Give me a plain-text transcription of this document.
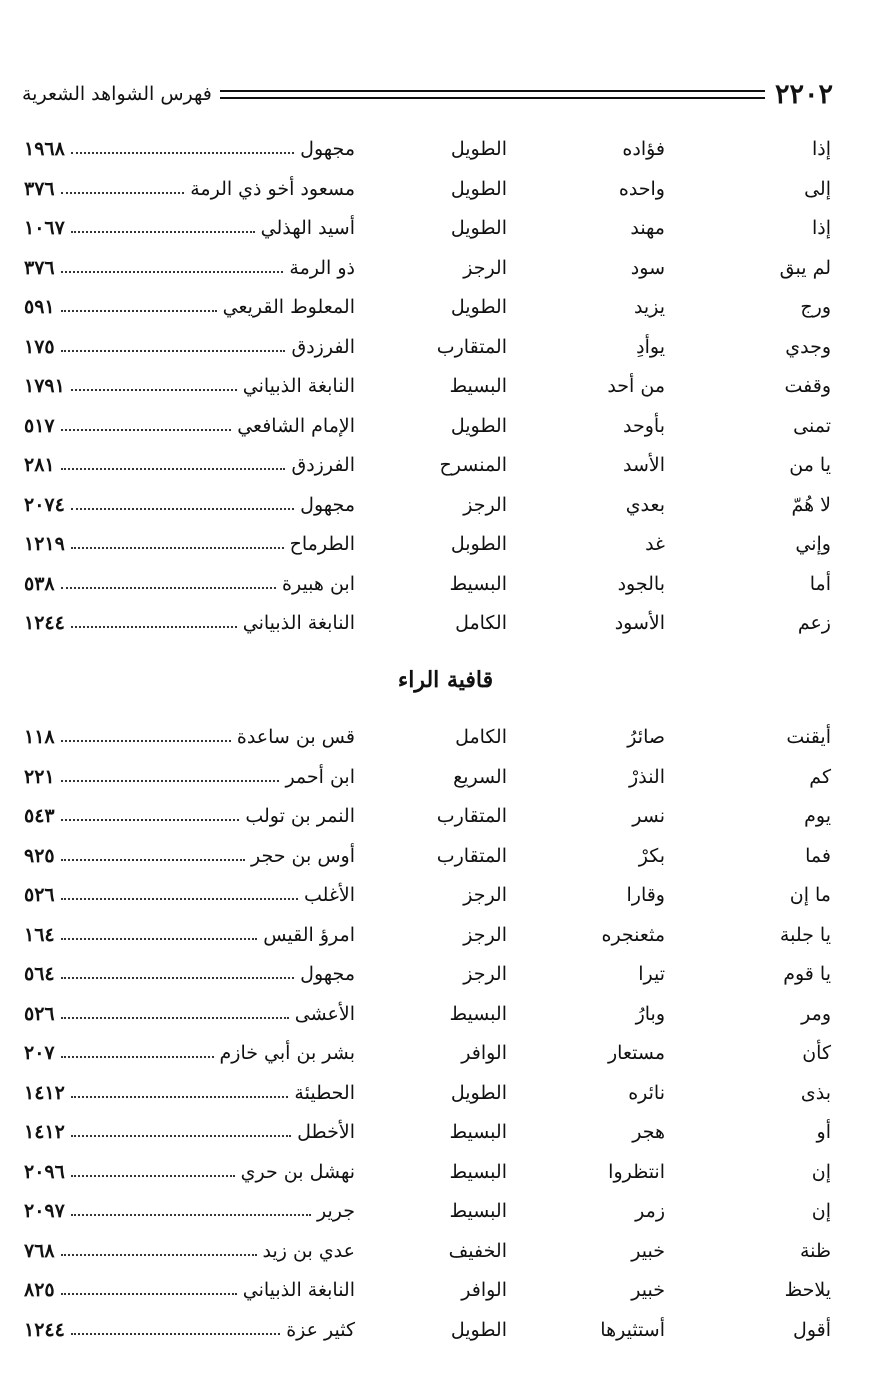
٢٢٠٢
فهرس الشواهد الشعرية
إذا
فؤاده
الطويل
مجهول
١٩٦٨
إلى
واحده
الطويل
مسعود أخو ذي الرمة
٣٧٦
إذا
مهند
الطويل
أسيد الهذلي
١٠٦٧
لم يبق
سود
الرجز
ذو الرمة
٣٧٦
ورج
يزيد
الطويل
المعلوط القريعي
٥٩١
وجدي
يوأدِ
المتقارب
الفرزدق
١٧٥
وقفت
من أحد
البسيط
النابغة الذبياني
١٧٩١
تمنى
بأوحد
الطويل
الإمام الشافعي
٥١٧
يا من
الأسد
المنسرح
الفرزدق
٢٨١
لا هُمّ
بعدي
الرجز
مجهول
٢٠٧٤
وإني
غد
الطوبل
الطرماح
١٢١٩
أما
بالجود
البسيط
ابن هبيرة
٥٣٨
زعم
الأسود
الكامل
النابغة الذبياني
١٢٤٤
قافية الراء
أيقنت
صائرُ
الكامل
قس بن ساعدة
١١٨
كم
النذرْ
السريع
ابن أحمر
٢٢١
يوم
نسر
المتقارب
النمر بن تولب
٥٤٣
فما
بكرْ
المتقارب
أوس بن حجر
٩٢٥
ما إن
وقارا
الرجز
الأغلب
٥٢٦
يا جلبة
مثعنجره
الرجز
امرؤ القيس
١٦٤
يا قوم
تيرا
الرجز
مجهول
٥٦٤
ومر
وبارُ
البسيط
الأعشى
٥٢٦
كأن
مستعار
الوافر
بشر بن أبي خازم
٢٠٧
بذى
نائره
الطويل
الحطيئة
١٤١٢
أو
هجر
البسيط
الأخطل
١٤١٢
إن
انتظروا
البسيط
نهشل بن حري
٢٠٩٦
إن
زمر
البسيط
جرير
٢٠٩٧
ظنة
خبير
الخفيف
عدي بن زيد
٧٦٨
يلاحظ
خبير
الوافر
النابغة الذبياني
٨٢٥
أقول
أستثيرها
الطويل
كثير عزة
١٢٤٤
